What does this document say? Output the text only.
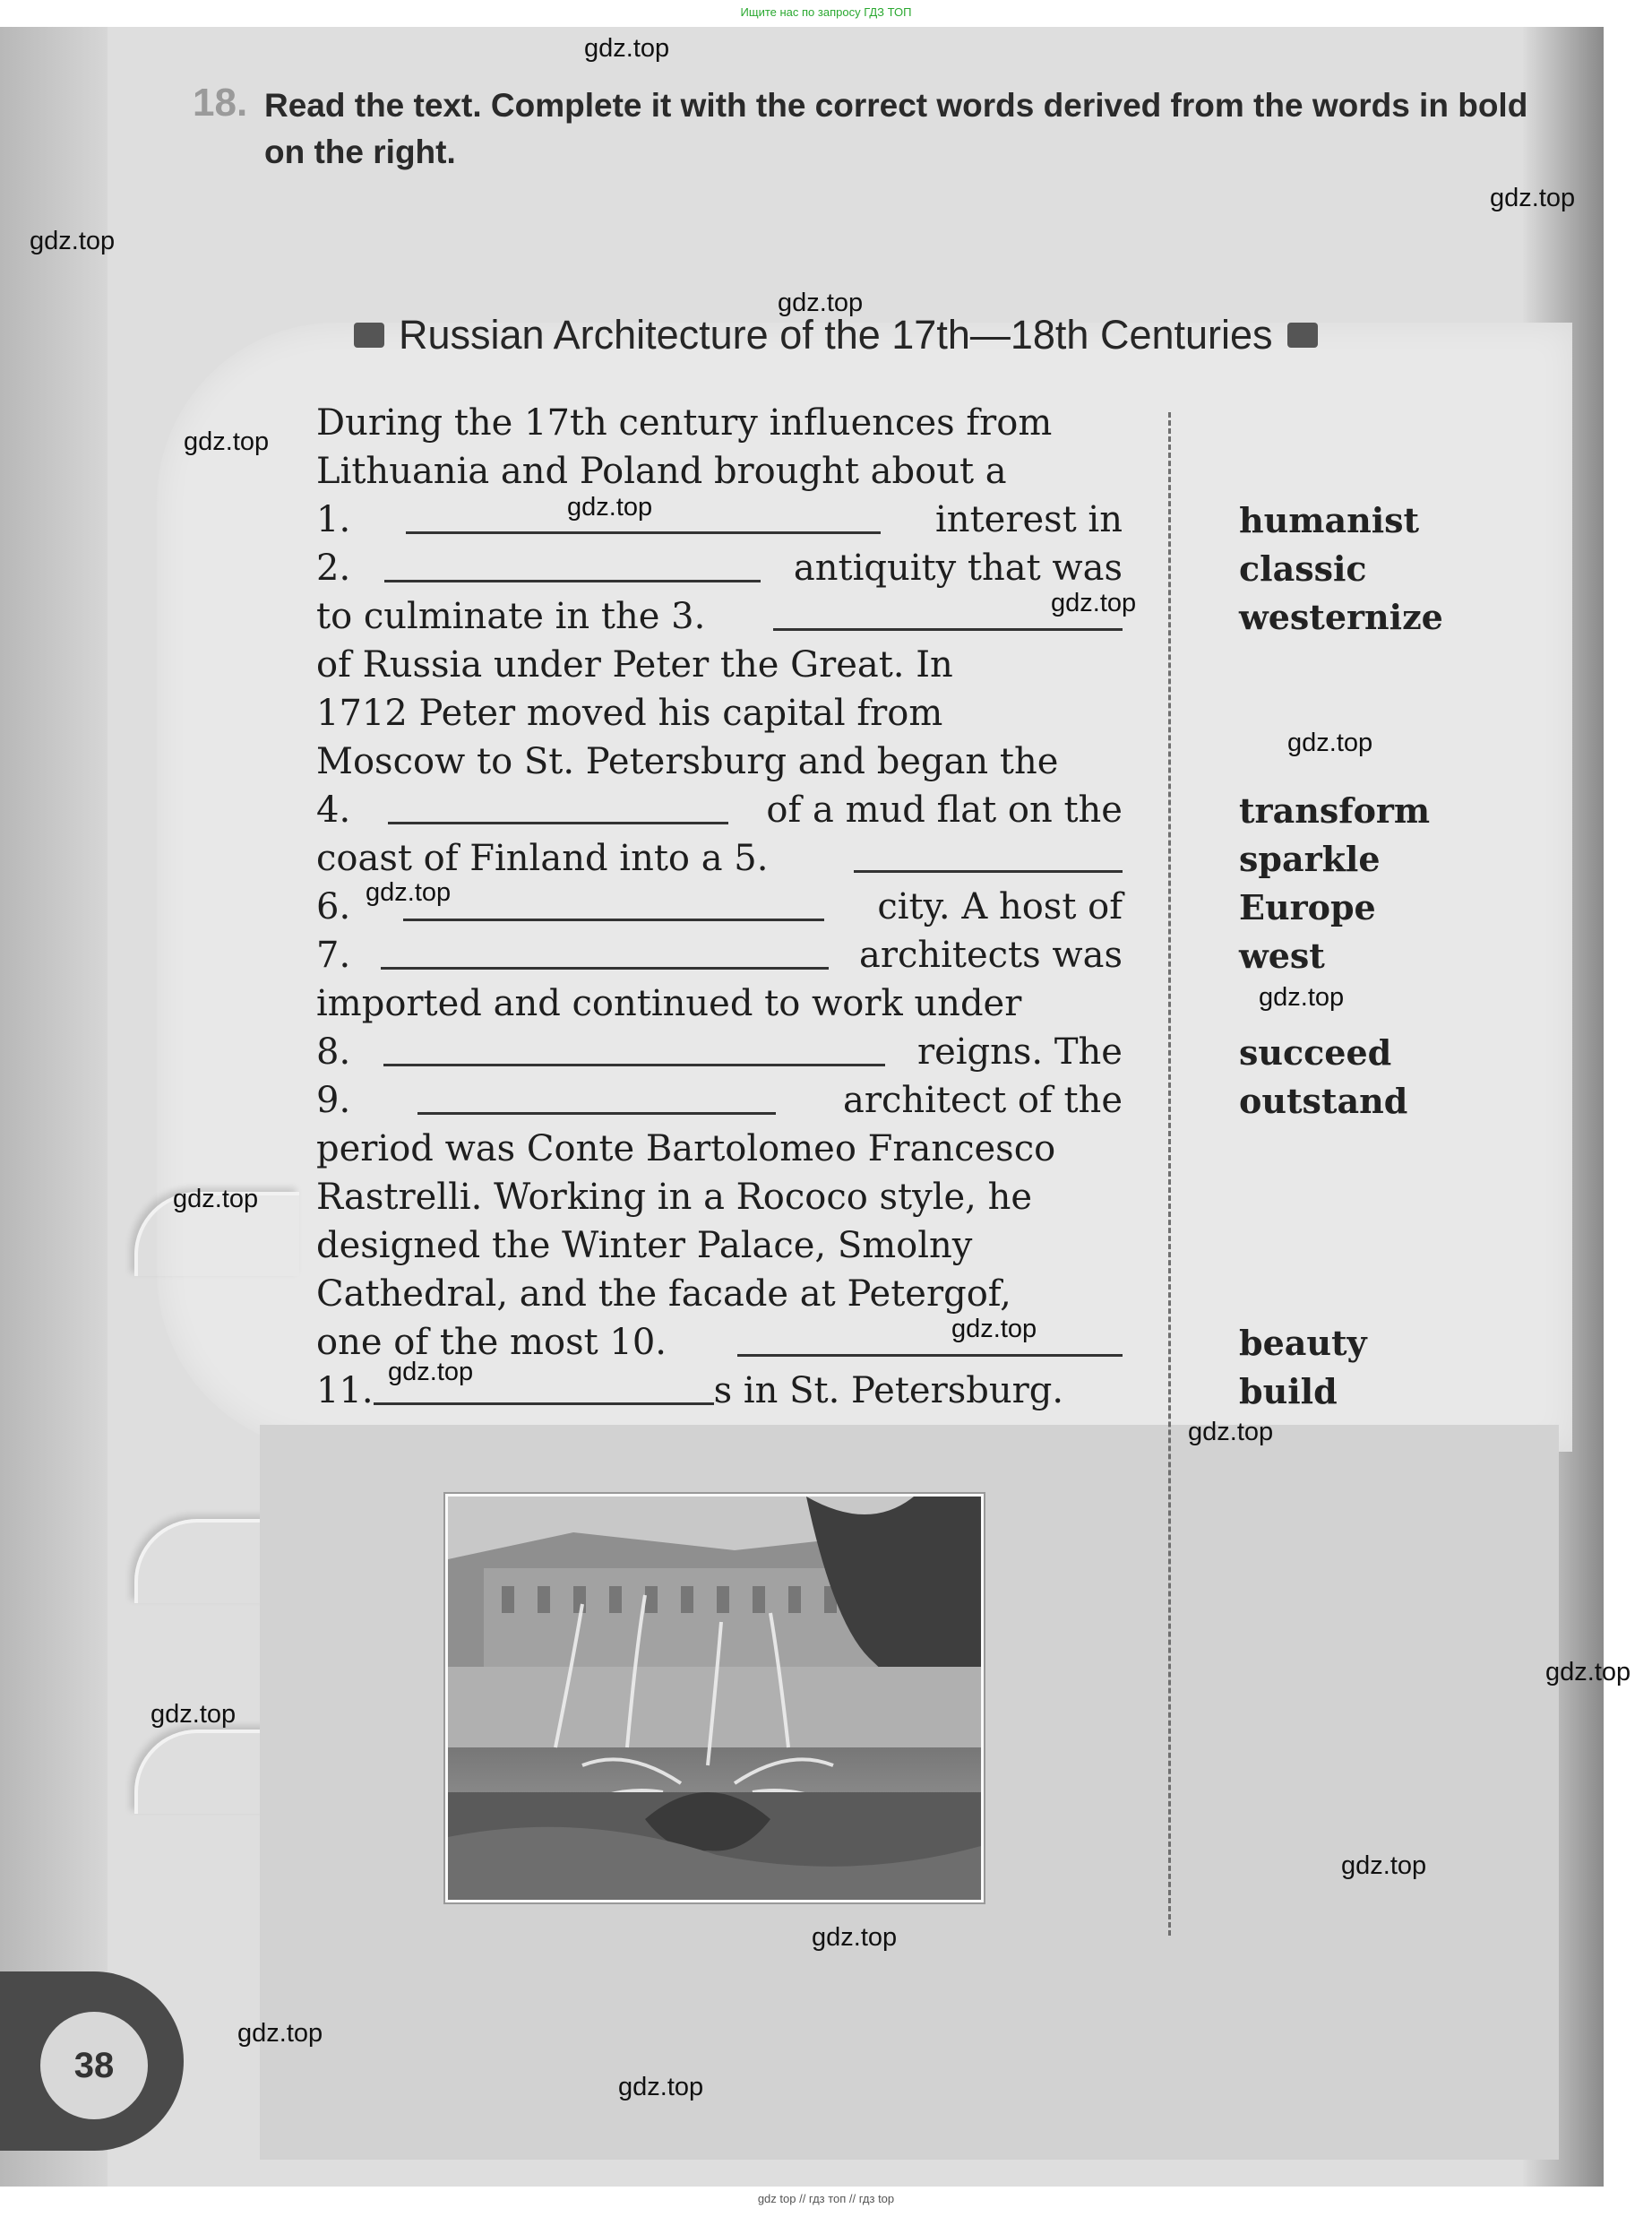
Ищите нас по запросу ГДЗ ТОП

18. Read the text. Complete it with the correct words derived from the words in bold on the right.
Russian Architecture of the 17th—18th Centuries
During the 17th century influences from
Lithuania and Poland brought about a
1.	interest in
2.	antiquity that was
to culminate in the 3.
of Russia under Peter the Great. In
1712 Peter moved his capital from
Moscow to St. Petersburg and began the
4.	of a mud flat on the
coast of Finland into a 5.
6.	city. A host of
7.	architects was
imported and continued to work under
8.	reigns. The
9.	architect of the
period was Conte Bartolomeo Francesco
Rastrelli. Working in a Rococo style, he
designed the Winter Palace, Smolny
Cathedral, and the facade at Petergof,
one of the most 10.
11.	s in St. Petersburg.
humanist
classic
westernize
transform
sparkle
Europe
west
succeed
outstand
beauty
build
38
gdz.top
gdz.top
gdz.top
gdz.top
gdz.top
gdz.top
gdz.top
gdz.top
gdz.top
gdz.top
gdz.top
gdz.top
gdz.top
gdz.top
gdz.top
gdz.top
gdz.top
gdz.top
gdz.top
gdz.top
gdz top // гдз топ // гдз top
